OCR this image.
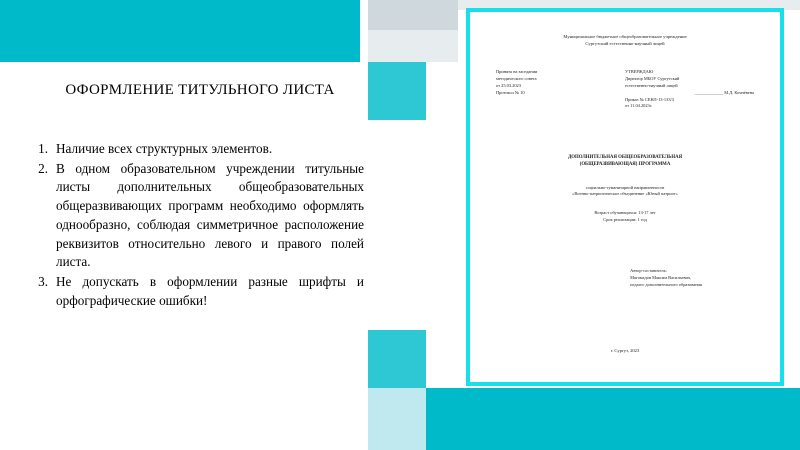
ОФОРМЛЕНИЕ ТИТУЛЬНОГО ЛИСТА
1. Наличие всех структурных элементов.
2. В одном образовательном учреждении титульные листы дополнительных общеобразовательных общеразвивающих программ необходимо оформлять однообразно, соблюдая симметричное расположение реквизитов относительно левого и правого полей листа.
3. Не допускать в оформлении разные шрифты и орфографические ошибки!
Муниципальное бюджетное общеобразовательное учреждение
Сургутский естественно-научный лицей
Принята на заседании
методического совета
от 25.03.2023
Протокол № 10
УТВЕРЖДАЮ
Директор МБОУ Сургутский
естественно-научный лицей
_____________ М.Д. Кочнёвена
Приказ № СЕНЛ-13-133/3
от 11.04.2023г.
ДОПОЛНИТЕЛЬНАЯ ОБЩЕОБРАЗОВАТЕЛЬНАЯ
(ОБЩЕРАЗВИВАЮЩАЯ) ПРОГРАММА
социально-гуманитарной направленности
«Военно-патриотическое объединение «Юный патриот»
Возраст обучающихся: 13-17 лет
Срок реализации: 1 год
Автор-составитель:
Магомадов Максим Васильевич,
педагог дополнительного образования
г. Сургут, 2023
